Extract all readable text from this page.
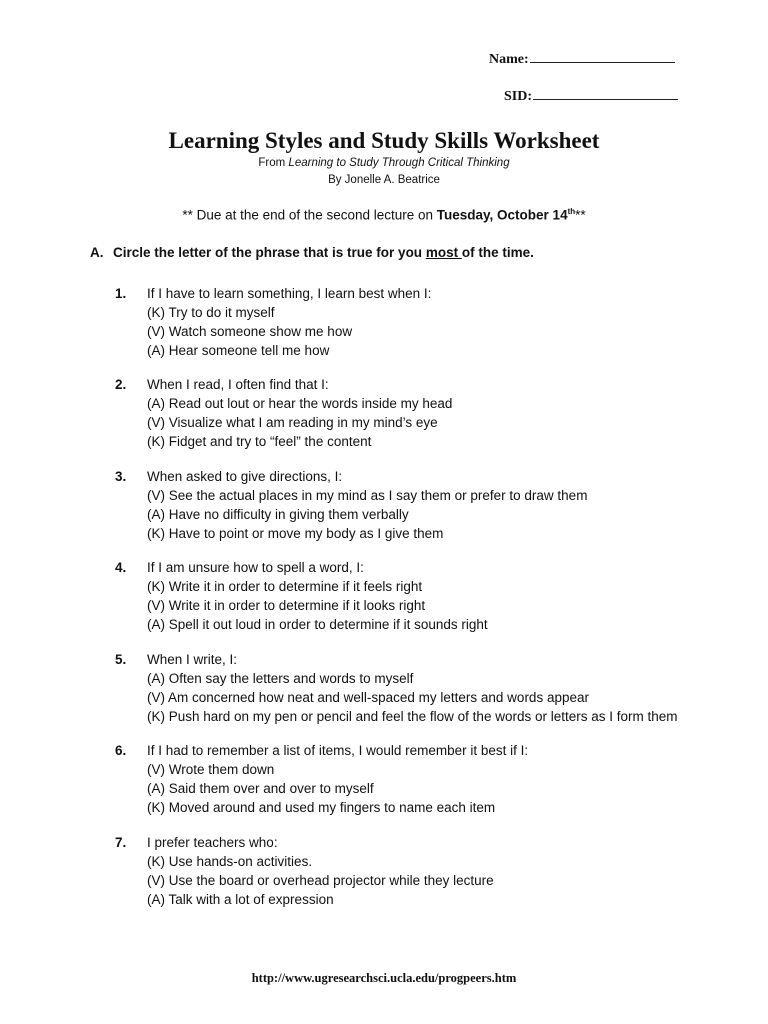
Name:
SID:
Learning Styles and Study Skills Worksheet
From Learning to Study Through Critical Thinking
By Jonelle A. Beatrice
** Due at the end of the second lecture on Tuesday, October 14th**
A. Circle the letter of the phrase that is true for you most of the time.
1. If I have to learn something, I learn best when I:
(K) Try to do it myself
(V) Watch someone show me how
(A) Hear someone tell me how
2. When I read, I often find that I:
(A) Read out lout or hear the words inside my head
(V) Visualize what I am reading in my mind’s eye
(K) Fidget and try to “feel” the content
3. When asked to give directions, I:
(V) See the actual places in my mind as I say them or prefer to draw them
(A) Have no difficulty in giving them verbally
(K) Have to point or move my body as I give them
4. If I am unsure how to spell a word, I:
(K) Write it in order to determine if it feels right
(V) Write it in order to determine if it looks right
(A) Spell it out loud in order to determine if it sounds right
5. When I write, I:
(A) Often say the letters and words to myself
(V) Am concerned how neat and well-spaced my letters and words appear
(K) Push hard on my pen or pencil and feel the flow of the words or letters as I form them
6. If I had to remember a list of items, I would remember it best if I:
(V) Wrote them down
(A) Said them over and over to myself
(K) Moved around and used my fingers to name each item
7. I prefer teachers who:
(K) Use hands-on activities.
(V) Use the board or overhead projector while they lecture
(A) Talk with a lot of expression
http://www.ugresearchsci.ucla.edu/progpeers.htm
